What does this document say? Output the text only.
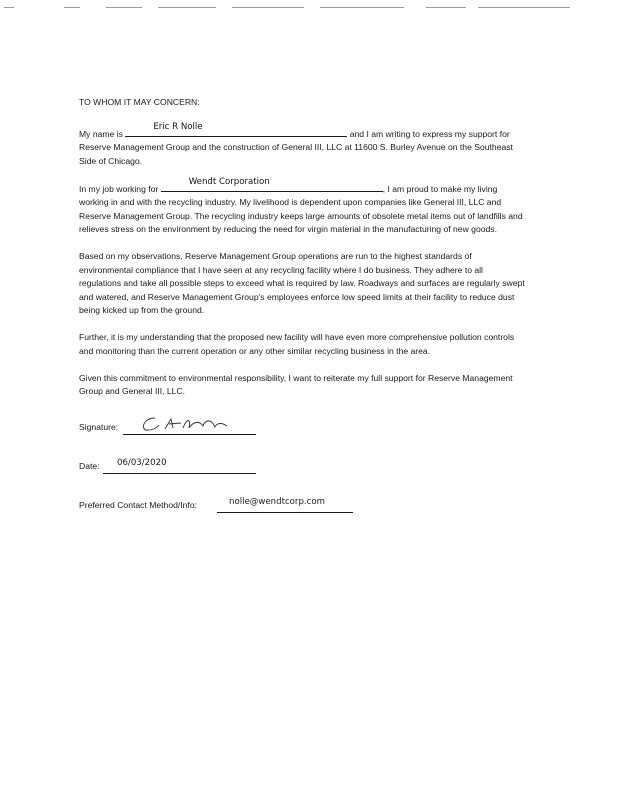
TO WHOM IT MAY CONCERN:

My name is
Eric R Nolle
and I am writing to express my support for Reserve Management Group and the construction of General III, LLC at 11600 S. Burley Avenue on the Southeast Side of Chicago.

In my job working for
Wendt Corporation
, I am proud to make my living working in and with the recycling industry. My livelihood is dependent upon companies like General III, LLC and Reserve Management Group. The recycling industry keeps large amounts of obsolete metal items out of landfills and relieves stress on the environment by reducing the need for virgin material in the manufacturing of new goods.

Based on my observations, Reserve Management Group operations are run to the highest standards of environmental compliance that I have seen at any recycling facility where I do business. They adhere to all regulations and take all possible steps to exceed what is required by law. Roadways and surfaces are regularly swept and watered, and Reserve Management Group's employees enforce low speed limits at their facility to reduce dust being kicked up from the ground.

Further, it is my understanding that the proposed new facility will have even more comprehensive pollution controls and monitoring than the current operation or any other similar recycling business in the area.

Given this commitment to environmental responsibility, I want to reiterate my full support for Reserve Management Group and General III, LLC.

Signature:
Date: 06/03/2020
Preferred Contact Method/Info:	nolle@wendtcorp.com
